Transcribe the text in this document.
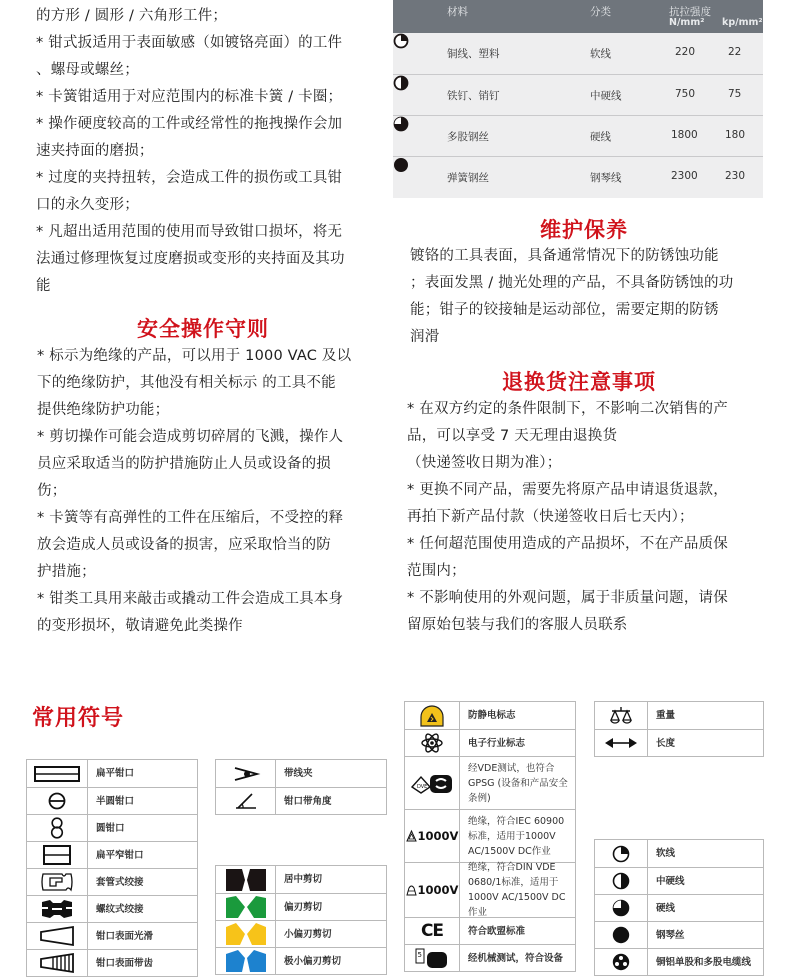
的方形 / 圆形 / 六角形工件；

* 钳式扳适用于表面敏感（如镀铬亮面）的工件

、螺母或螺丝；

* 卡簧钳适用于对应范围内的标准卡簧 / 卡圈；

* 操作硬度较高的工件或经常性的拖拽操作会加

速夹持面的磨损；

* 过度的夹持扭转，会造成工件的损伤或工具钳

口的永久变形；

* 凡超出适用范围的使用而导致钳口损坏，将无

法通过修理恢复过度磨损或变形的夹持面及其功

能

材料	分类	抗拉强度
N/mm² kp/mm²
铜线、塑料	软线	220	22
铁钉、销钉	中硬线	750	75
多股钢丝	硬线	1800	180
弹簧钢丝	钢琴线	2300	230
维护保养

镀铬的工具表面，具备通常情况下的防锈蚀功能

；表面发黑 / 抛光处理的产品，不具备防锈蚀的功

能；钳子的铰接轴是运动部位，需要定期的防锈

润滑

安全操作守则

* 标示为绝缘的产品，可以用于 1000 VAC 及以

下的绝缘防护，其他没有相关标示 的工具不能

提供绝缘防护功能；

* 剪切操作可能会造成剪切碎屑的飞溅，操作人

员应采取适当的防护措施防止人员或设备的损

伤；

* 卡簧等有高弹性的工件在压缩后，不受控的释

放会造成人员或设备的损害，应采取恰当的防

护措施；

* 钳类工具用来敲击或撬动工件会造成工具本身

的变形损坏，敬请避免此类操作

退换货注意事项

* 在双方约定的条件限制下，不影响二次销售的产

品，可以享受 7 天无理由退换货

（快递签收日期为准）；

* 更换不同产品，需要先将原产品申请退货退款，

再拍下新产品付款（快递签收日后七天内）；

* 任何超范围使用造成的产品损坏，不在产品质保

范围内；

* 不影响使用的外观问题，属于非质量问题，请保

留原始包装与我们的客服人员联系

常用符号
扁平钳口
半圆钳口
圆钳口
扁平窄钳口
套管式绞接
螺纹式绞接
钳口表面光滑
钳口表面带齿
带线夹
钳口带角度
居中剪切
偏刃剪切
小偏刃剪切
极小偏刃剪切
防静电标志
电子行业标志
DVE
经VDE测试，也符合GPSG (设备和产品安全条例)
1000V
绝缘，符合IEC 60900标准，适用于1000V AC/1500V DC作业
1000V
绝缘，符合DIN VDE 0680/1标准，适用于1000V AC/1500V DC作业
CE	符合欧盟标准
5	经机械测试，符合设备
重量
长度
软线
中硬线
硬线
钢琴丝
铜铝单股和多股电缆线
